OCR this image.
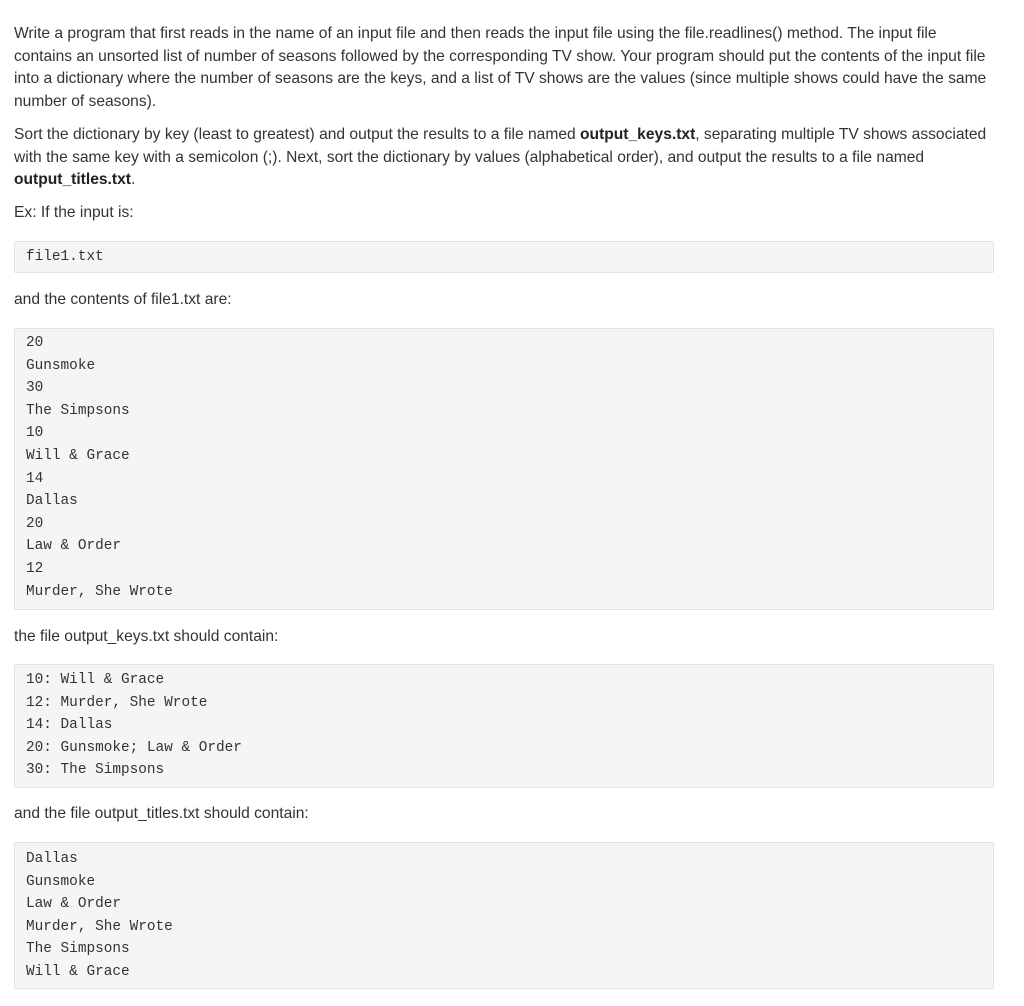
Write a program that first reads in the name of an input file and then reads the input file using the file.readlines() method. The input file contains an unsorted list of number of seasons followed by the corresponding TV show. Your program should put the contents of the input file into a dictionary where the number of seasons are the keys, and a list of TV shows are the values (since multiple shows could have the same number of seasons).

Sort the dictionary by key (least to greatest) and output the results to a file named output_keys.txt, separating multiple TV shows associated with the same key with a semicolon (;). Next, sort the dictionary by values (alphabetical order), and output the results to a file named output_titles.txt.

Ex: If the input is:

file1.txt

and the contents of file1.txt are:

20
Gunsmoke
30
The Simpsons
10
Will & Grace
14
Dallas
20
Law & Order
12
Murder, She Wrote

the file output_keys.txt should contain:

10: Will & Grace
12: Murder, She Wrote
14: Dallas
20: Gunsmoke; Law & Order
30: The Simpsons

and the file output_titles.txt should contain:

Dallas
Gunsmoke
Law & Order
Murder, She Wrote
The Simpsons
Will & Grace
